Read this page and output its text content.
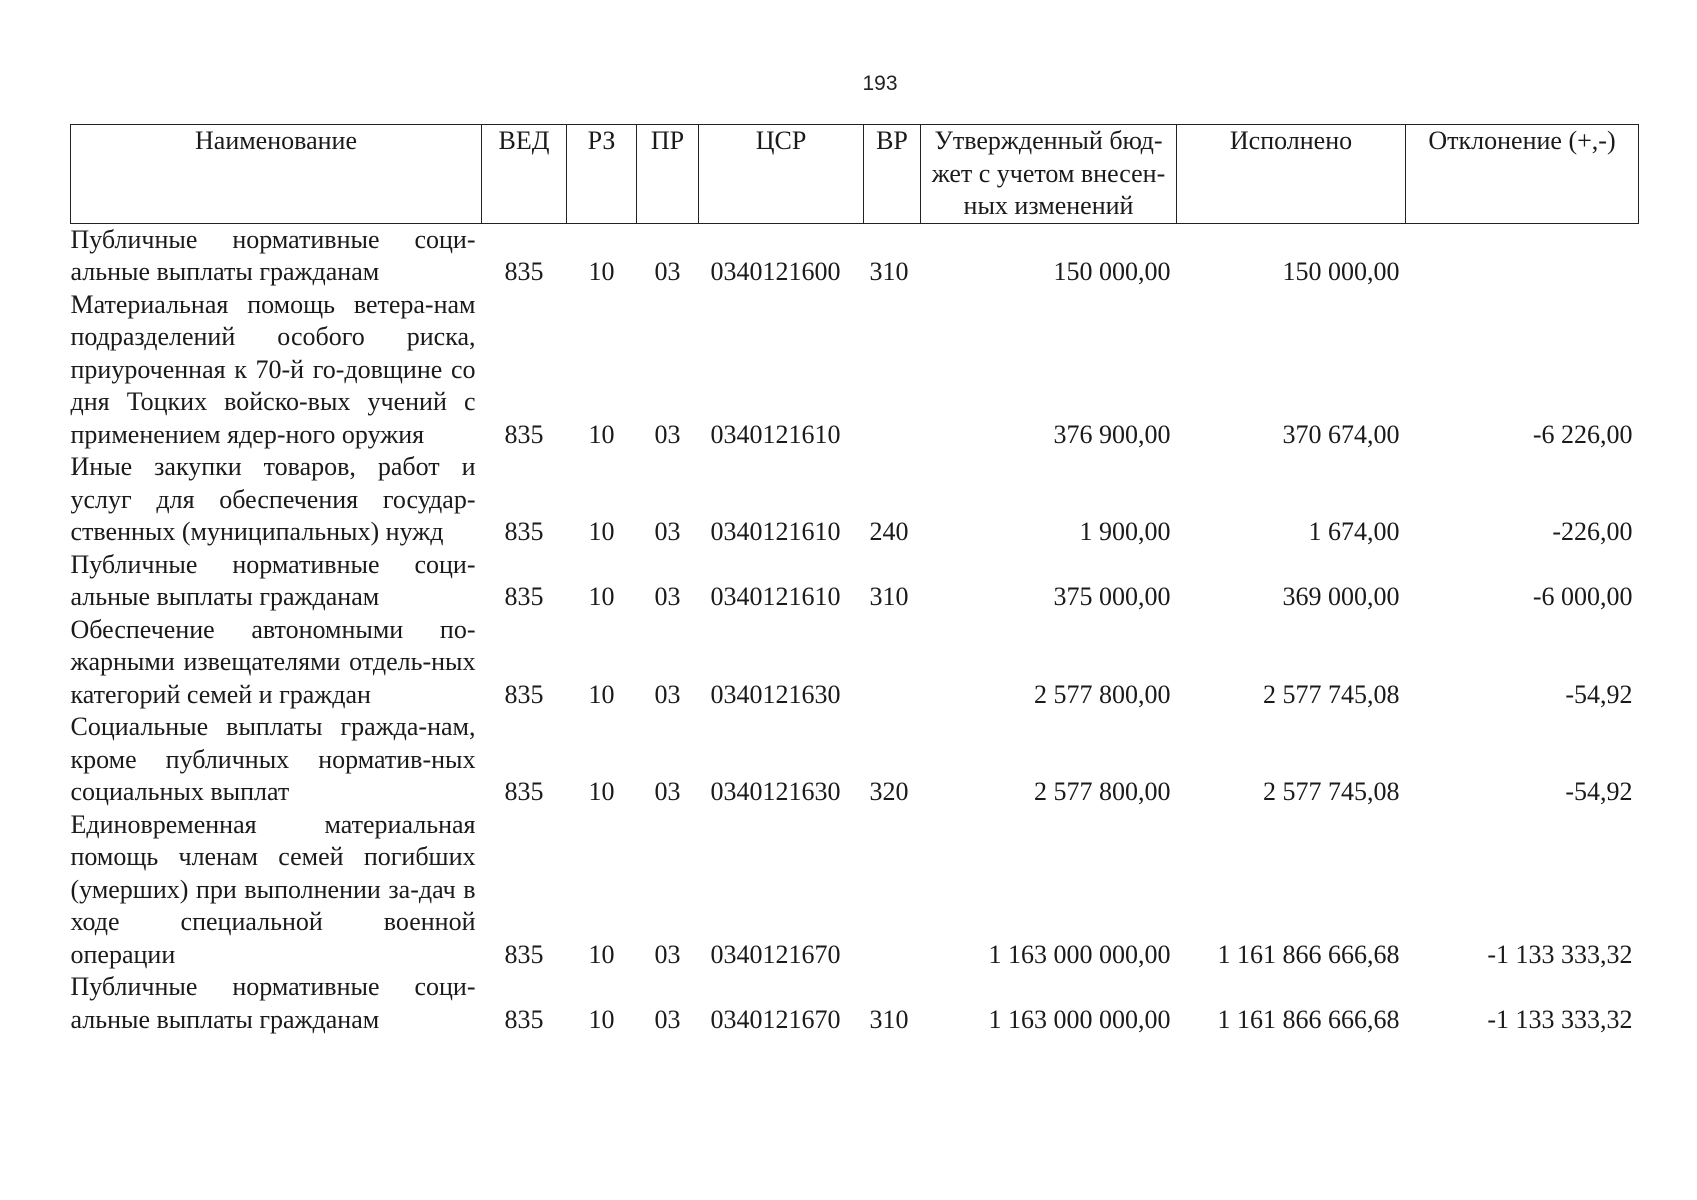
193
Наименование	ВЕД	РЗ	ПР	ЦСР	ВР	Утвержденный бюд-жет с учетом внесен-ных изменений	Исполнено	Отклонение (+,-)
Публичные нормативные соци-альные выплаты гражданам	835	10	03	0340121600	310	150 000,00	150 000,00	
Материальная помощь ветера-нам подразделений особого риска, приуроченная к 70-й го-довщине со дня Тоцких войско-вых учений с применением ядер-ного оружия	835	10	03	0340121610		376 900,00	370 674,00	-6 226,00
Иные закупки товаров, работ и услуг для обеспечения государ-ственных (муниципальных) нужд	835	10	03	0340121610	240	1 900,00	1 674,00	-226,00
Публичные нормативные соци-альные выплаты гражданам	835	10	03	0340121610	310	375 000,00	369 000,00	-6 000,00
Обеспечение автономными по-жарными извещателями отдель-ных категорий семей и граждан	835	10	03	0340121630		2 577 800,00	2 577 745,08	-54,92
Социальные выплаты гражда-нам, кроме публичных норматив-ных социальных выплат	835	10	03	0340121630	320	2 577 800,00	2 577 745,08	-54,92
Единовременная материальная помощь членам семей погибших (умерших) при выполнении за-дач в ходе специальной военной операции	835	10	03	0340121670		1 163 000 000,00	1 161 866 666,68	-1 133 333,32
Публичные нормативные соци-альные выплаты гражданам	835	10	03	0340121670	310	1 163 000 000,00	1 161 866 666,68	-1 133 333,32
